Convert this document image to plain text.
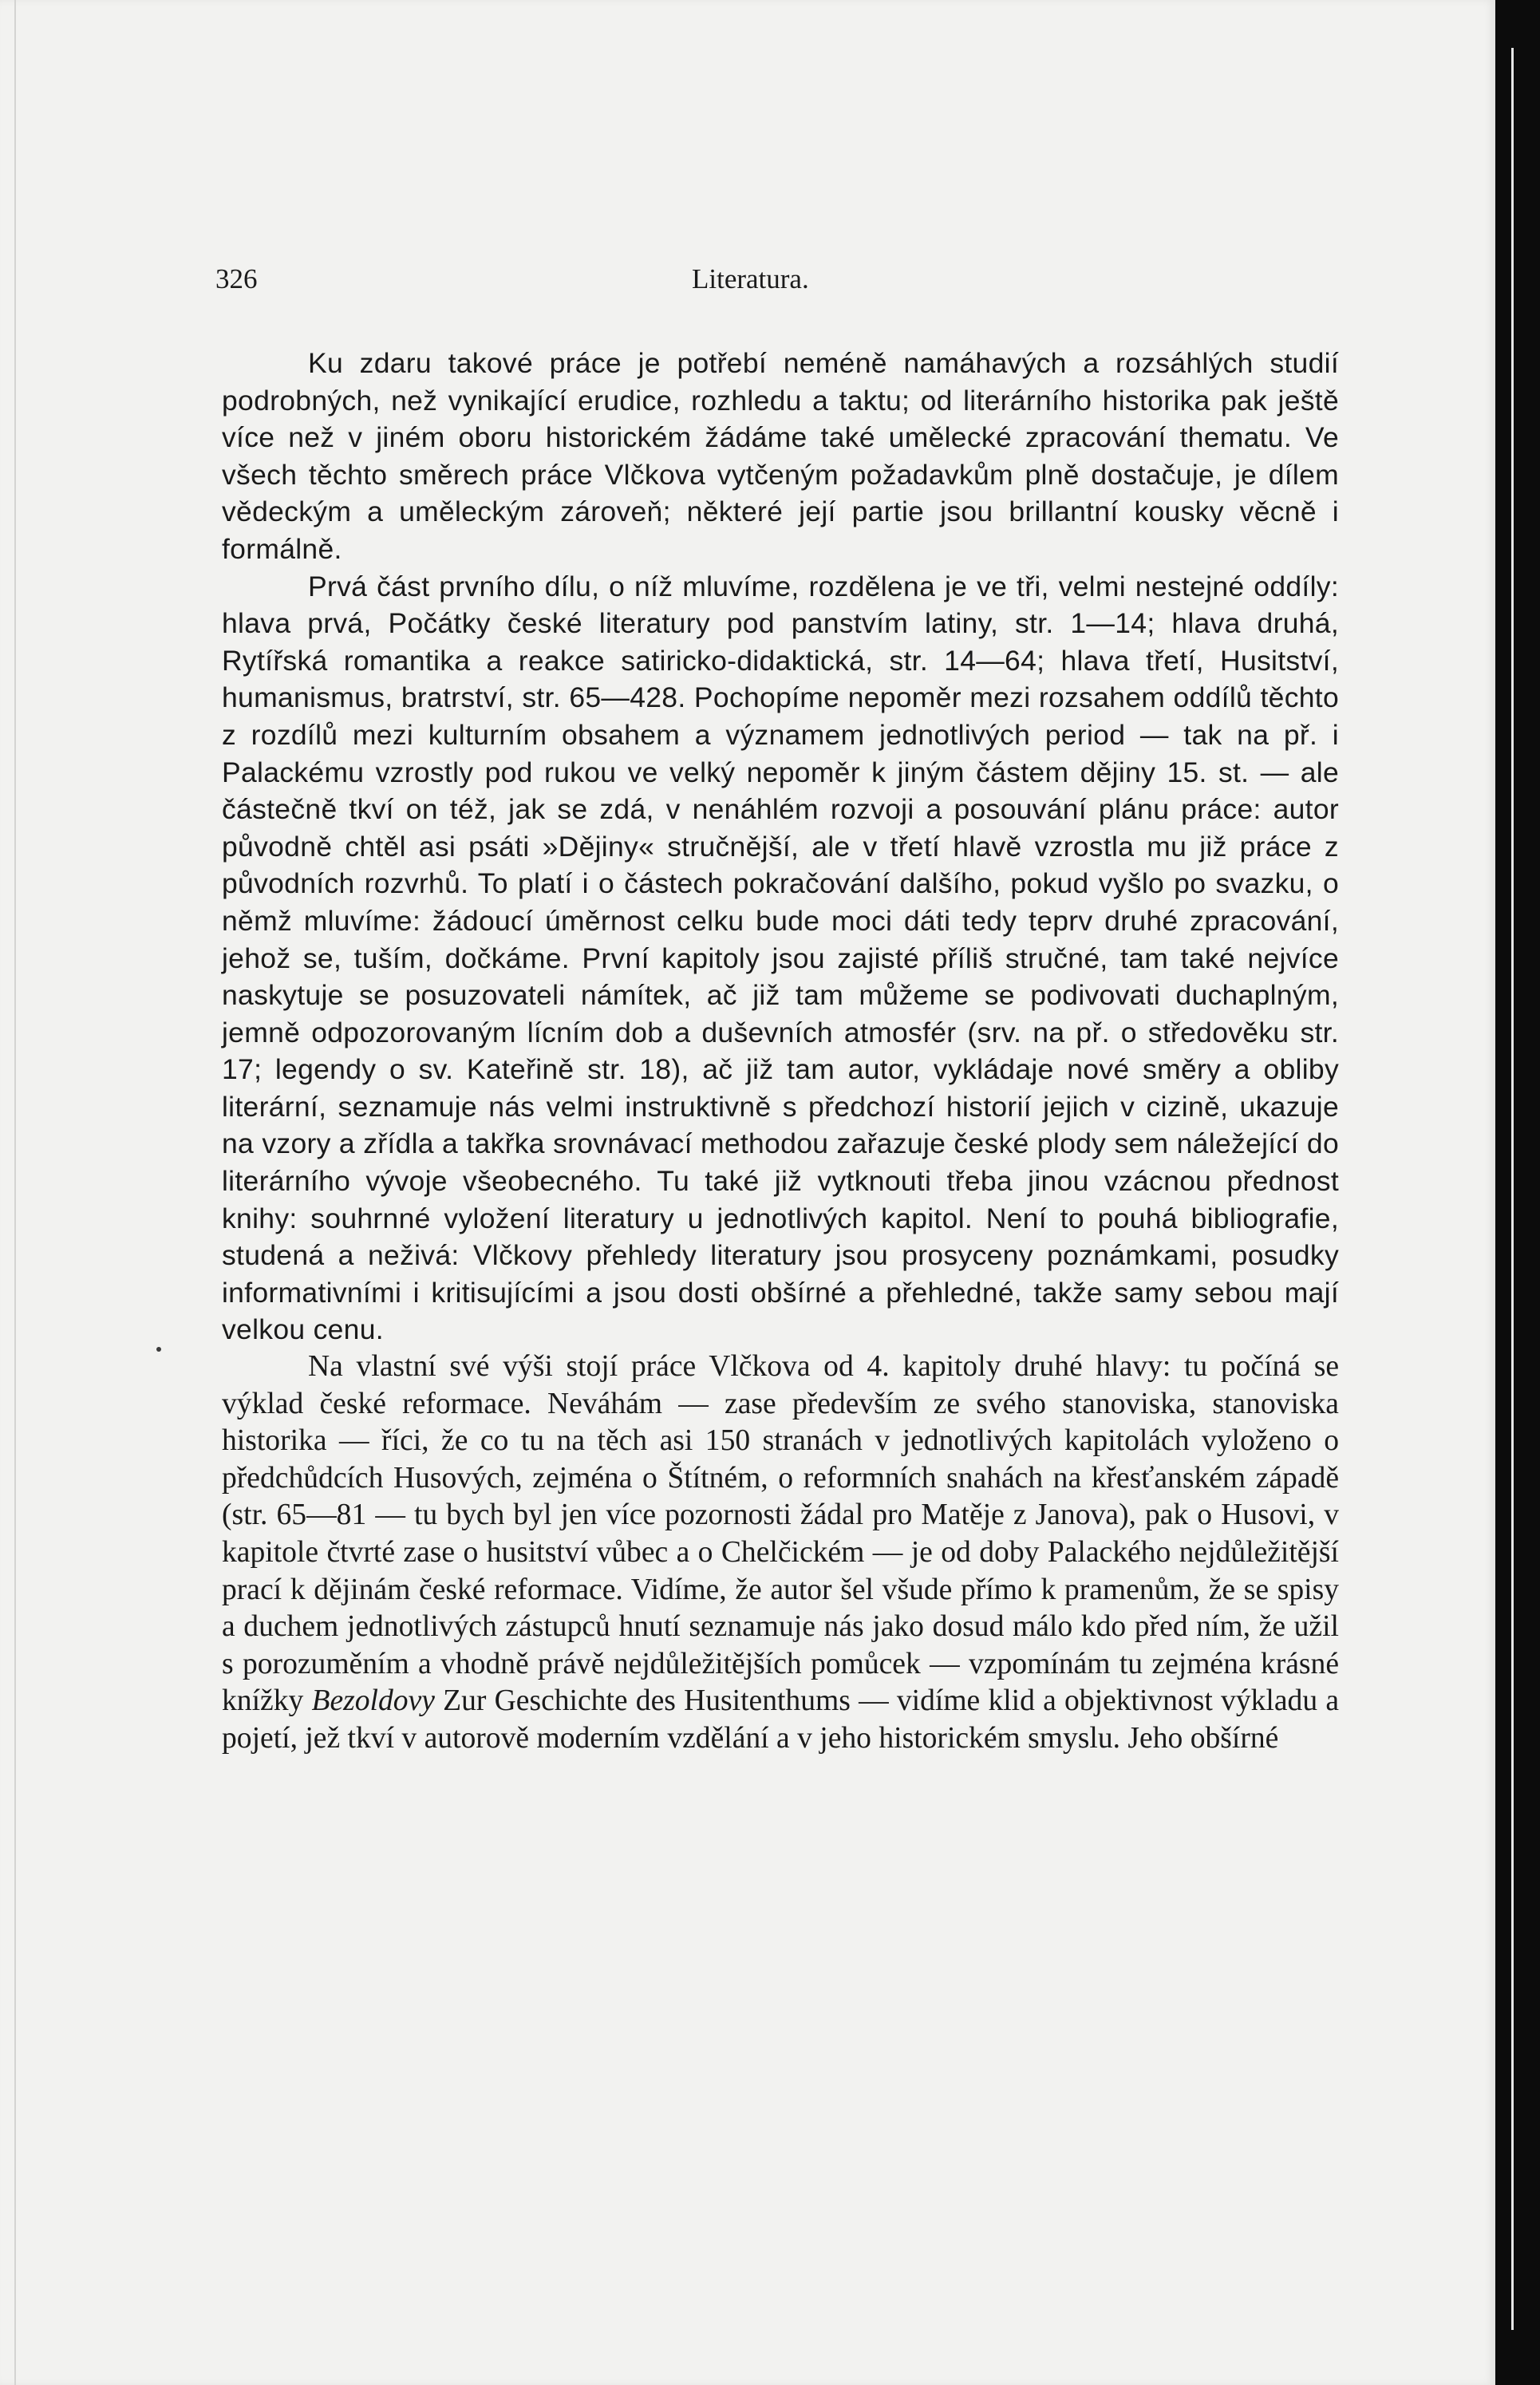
326	Literatura.

Ku zdaru takové práce je potřebí neméně namáhavých a rozsáhlých studií podrobných, než vynikající erudice, rozhledu a taktu; od literárního historika pak ještě více než v jiném oboru historickém žádáme také umělecké zpracování thematu. Ve všech těchto směrech práce Vlčkova vytčeným požadavkům plně dostačuje, je dílem vědeckým a uměleckým zároveň; některé její partie jsou brillantní kousky věcně i formálně.

Prvá část prvního dílu, o níž mluvíme, rozdělena je ve tři, velmi nestejné oddíly: hlava prvá, Počátky české literatury pod panstvím latiny, str. 1—14; hlava druhá, Rytířská romantika a reakce satiricko-didaktická, str. 14—64; hlava třetí, Husitství, humanismus, bratrství, str. 65—428. Pochopíme nepoměr mezi rozsahem oddílů těchto z rozdílů mezi kulturním obsahem a významem jednotlivých period — tak na př. i Palackému vzrostly pod rukou ve velký nepoměr k jiným částem dějiny 15. st. — ale částečně tkví on též, jak se zdá, v nenáhlém rozvoji a posouvání plánu práce: autor původně chtěl asi psáti »Dějiny« stručnější, ale v třetí hlavě vzrostla mu již práce z původních rozvrhů. To platí i o částech pokračování dalšího, pokud vyšlo po svazku, o němž mluvíme: žádoucí úměrnost celku bude moci dáti tedy teprv druhé zpracování, jehož se, tuším, dočkáme. První kapitoly jsou zajisté příliš stručné, tam také nejvíce naskytuje se posuzovateli námítek, ač již tam můžeme se podivovati duchaplným, jemně odpozorovaným lícním dob a duševních atmosfér (srv. na př. o středověku str. 17; legendy o sv. Kateřině str. 18), ač již tam autor, vykládaje nové směry a obliby literární, seznamuje nás velmi instruktivně s předchozí historií jejich v cizině, ukazuje na vzory a zřídla a takřka srovnávací methodou zařazuje české plody sem náležející do literárního vývoje všeobecného. Tu také již vytknouti třeba jinou vzácnou přednost knihy: souhrnné vyložení literatury u jednotlivých kapitol. Není to pouhá bibliografie, studená a neživá: Vlčkovy přehledy literatury jsou prosyceny poznámkami, posudky informativními i kritisujícími a jsou dosti obšírné a přehledné, takže samy sebou mají velkou cenu.

Na vlastní své výši stojí práce Vlčkova od 4. kapitoly druhé hlavy: tu počíná se výklad české reformace. Neváhám — zase především ze svého stanoviska, stanoviska historika — říci, že co tu na těch asi 150 stranách v jednotlivých kapitolách vyloženo o předchůdcích Husových, zejména o Štítném, o reformních snahách na křesťanském západě (str. 65—81 — tu bych byl jen více pozornosti žádal pro Matěje z Janova), pak o Husovi, v kapitole čtvrté zase o husitství vůbec a o Chelčickém — je od doby Palackého nejdůležitější prací k dějinám české reformace. Vidíme, že autor šel všude přímo k pramenům, že se spisy a duchem jednotlivých zástupců hnutí seznamuje nás jako dosud málo kdo před ním, že užil s porozuměním a vhodně právě nejdůležitějších pomůcek — vzpomínám tu zejména krásné knížky Bezoldovy Zur Geschichte des Husitenthums — vidíme klid a objektivnost výkladu a pojetí, jež tkví v autorově moderním vzdělání a v jeho historickém smyslu. Jeho obšírné
